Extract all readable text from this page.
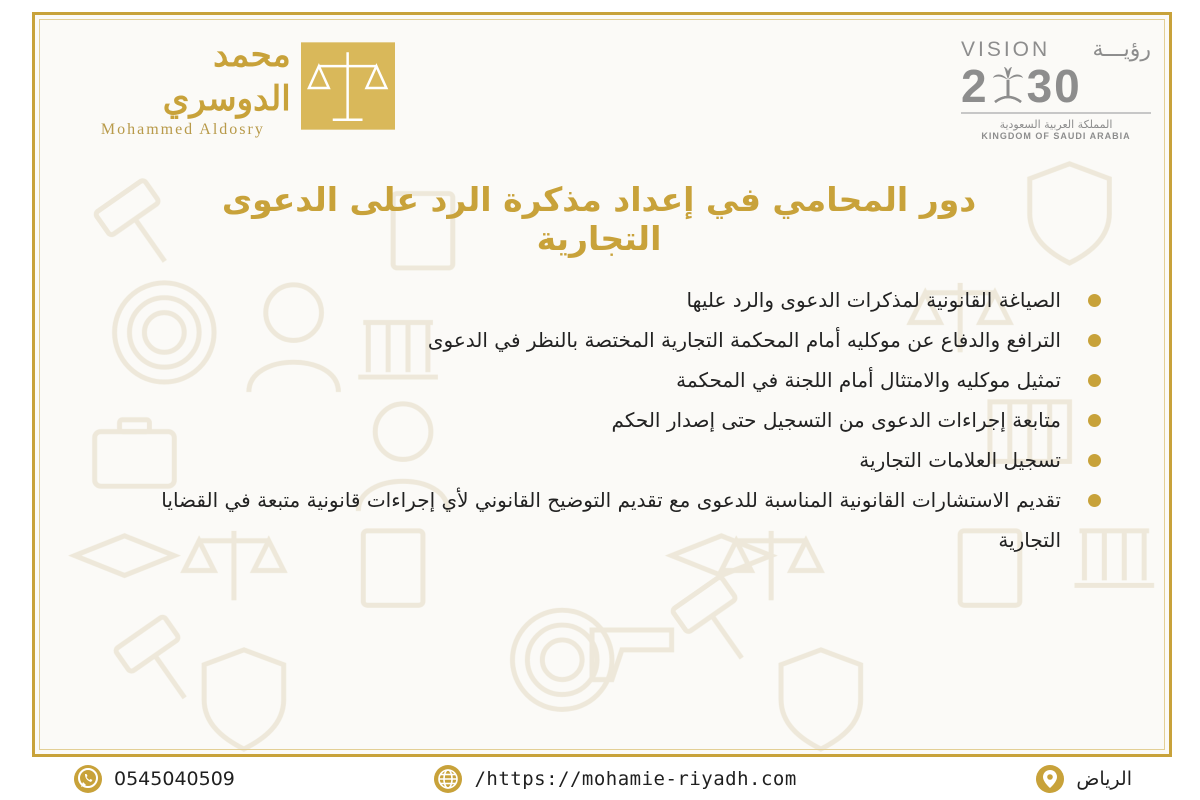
VISION رؤيـــة
2 30
المملكة العربية السعودية
KINGDOM OF SAUDI ARABIA
محمد الدوسري
Mohammed Aldosry
دور المحامي في إعداد مذكرة الرد على الدعوى التجارية
الصياغة القانونية لمذكرات الدعوى والرد عليها
الترافع والدفاع عن موكليه أمام المحكمة التجارية المختصة بالنظر في الدعوى
تمثيل موكليه والامتثال أمام اللجنة في المحكمة
متابعة إجراءات الدعوى من التسجيل حتى إصدار الحكم
تسجيل العلامات التجارية
تقديم الاستشارات القانونية المناسبة للدعوى مع تقديم التوضيح القانوني لأي إجراءات قانونية متبعة في القضايا التجارية
0545040509	/https://mohamie-riyadh.com	الرياض
